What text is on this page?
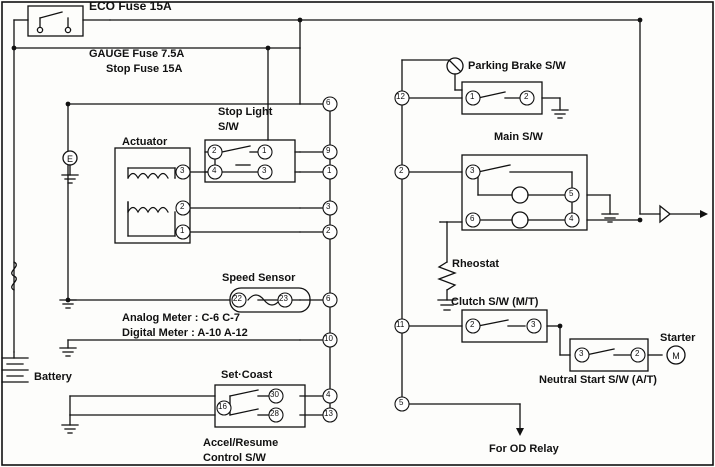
E
M
6
9
1
3
2
6
10
4
13
12
2
11
5
2	1
4	3
3
2
1
1	2
3
6
5
4
2	3
3	2
22	23
16
30
28
ECO Fuse 15A
GAUGE Fuse 7.5A
Stop Fuse 15A	Parking Brake S/W
Stop Light
S/W
Actuator	Main S/W
Rheostat
Speed Sensor
Clutch S/W (M/T)
Analog Meter : C-6 C-7
Digital Meter : A-10 A-12
Battery	Set·Coast
Accel/Resume
Control S/W
Starter
Neutral Start S/W (A/T)
For OD Relay
